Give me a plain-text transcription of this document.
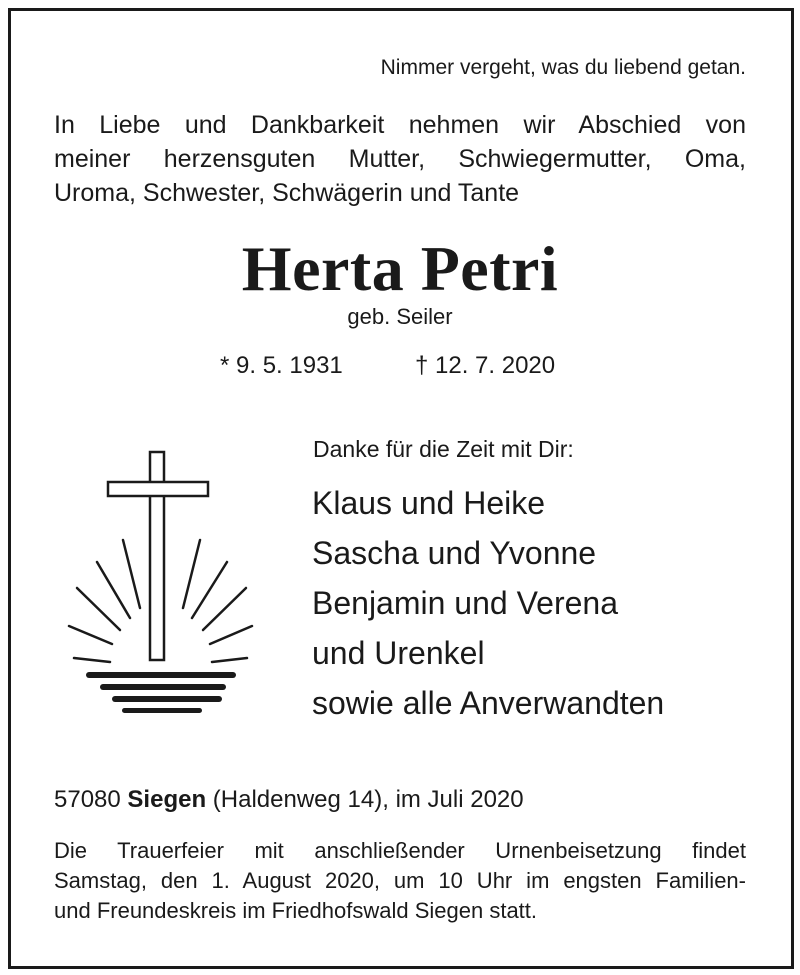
Nimmer vergeht, was du liebend getan.
In Liebe und Dankbarkeit nehmen wir Abschied von
meiner herzensguten Mutter, Schwiegermutter, Oma,
Uroma, Schwester, Schwägerin und Tante
Herta Petri
geb. Seiler
* 9. 5. 1931	† 12. 7. 2020
Danke für die Zeit mit Dir:
Klaus und Heike
Sascha und Yvonne
Benjamin und Verena
und Urenkel
sowie alle Anverwandten
57080 Siegen (Haldenweg 14), im Juli 2020
Die Trauerfeier mit anschließender Urnenbeisetzung findet
Samstag, den 1. August 2020, um 10 Uhr im engsten Familien-
und Freundeskreis im Friedhofswald Siegen statt.
